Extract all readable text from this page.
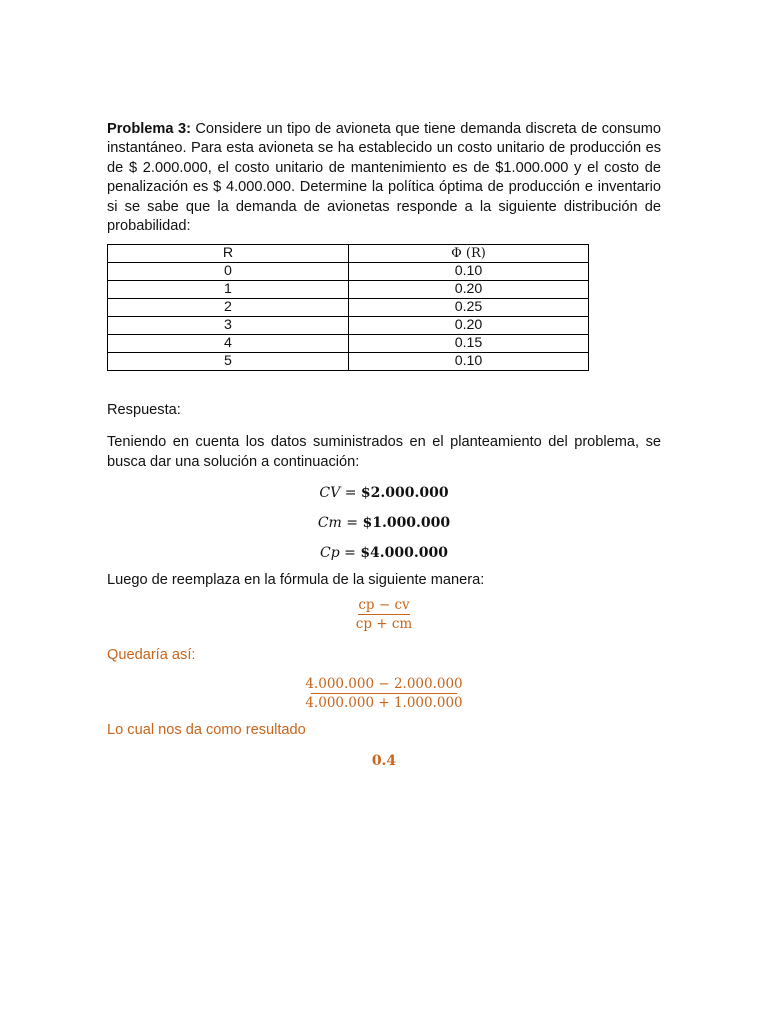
Problema 3: Considere un tipo de avioneta que tiene demanda discreta de consumo instantáneo. Para esta avioneta se ha establecido un costo unitario de producción es de $ 2.000.000, el costo unitario de mantenimiento es de $1.000.000 y el costo de penalización es $ 4.000.000. Determine la política óptima de producción e inventario si se sabe que la demanda de avionetas responde a la siguiente distribución de probabilidad:

R	Φ (R)
0	0.10
1	0.20
2	0.25
3	0.20
4	0.15
5	0.10

Respuesta:

Teniendo en cuenta los datos suministrados en el planteamiento del problema, se busca dar una solución a continuación:

CV = $2.000.000
Cm = $1.000.000
Cp = $4.000.000
Luego de reemplaza en la fórmula de la siguiente manera:
cp − cv
cp + cm
Quedaría así:
4.000.000 − 2.000.000
4.000.000 + 1.000.000
Lo cual nos da como resultado
0.4
